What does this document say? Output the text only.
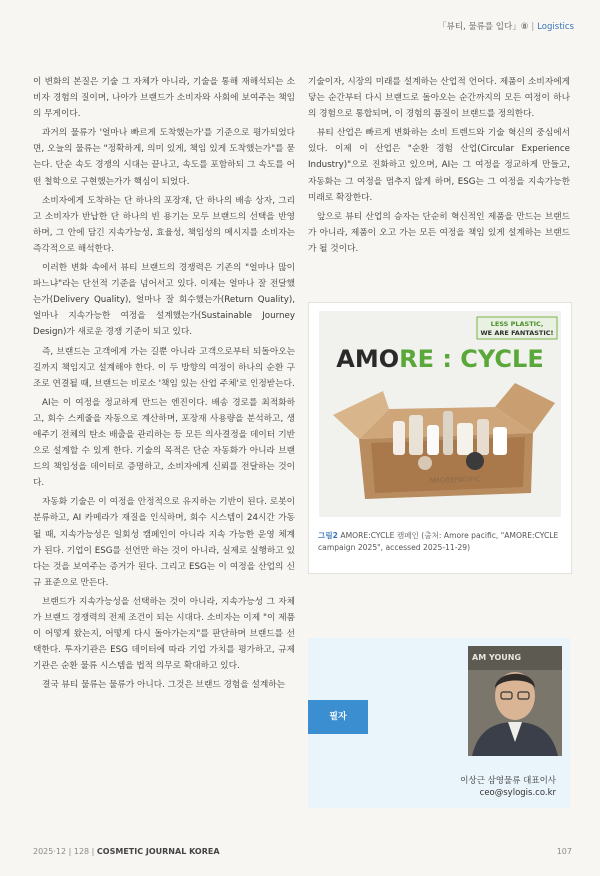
「뷰티, 물류를 입다」⑧ | Logistics

이 변화의 본질은 기술 그 자체가 아니라, 기술을 통해 재해석되는 소비자 경험의 질이며, 나아가 브랜드가 소비자와 사회에 보여주는 책임의 무게이다.

과거의 물류가 '얼마나 빠르게 도착했는가'를 기준으로 평가되었다면, 오늘의 물류는 "정확하게, 의미 있게, 책임 있게 도착했는가"를 묻는다. 단순 속도 경쟁의 시대는 끝나고, 속도를 포함하되 그 속도를 어떤 철학으로 구현했는가가 핵심이 되었다.

소비자에게 도착하는 단 하나의 포장재, 단 하나의 배송 상자, 그리고 소비자가 반납한 단 하나의 빈 용기는 모두 브랜드의 선택을 반영하며, 그 안에 담긴 지속가능성, 효율성, 책임성의 메시지를 소비자는 즉각적으로 해석한다.

이러한 변화 속에서 뷰티 브랜드의 경쟁력은 기존의 "얼마나 많이 파느냐"라는 단선적 기준을 넘어서고 있다. 이제는 얼마나 잘 전달했는가(Delivery Quality), 얼마나 잘 회수했는가(Return Quality), 얼마나 지속가능한 여정을 설계했는가(Sustainable Journey Design)가 새로운 경쟁 기준이 되고 있다.

즉, 브랜드는 고객에게 가는 길뿐 아니라 고객으로부터 되돌아오는 길까지 책임지고 설계해야 한다. 이 두 방향의 여정이 하나의 순환 구조로 연결될 때, 브랜드는 비로소 '책임 있는 산업 주체'로 인정받는다.

AI는 이 여정을 정교하게 만드는 엔진이다. 배송 경로를 최적화하고, 회수 스케줄을 자동으로 계산하며, 포장재 사용량을 분석하고, 생애주기 전체의 탄소 배출을 관리하는 등 모든 의사결정을 데이터 기반으로 설계할 수 있게 한다. 기술의 목적은 단순 자동화가 아니라 브랜드의 책임성을 데이터로 증명하고, 소비자에게 신뢰를 전달하는 것이다.

자동화 기술은 이 여정을 안정적으로 유지하는 기반이 된다. 로봇이 분류하고, AI 카메라가 재질을 인식하며, 회수 시스템이 24시간 가동될 때, 지속가능성은 일회성 캠페인이 아니라 지속 가능한 운영 체계가 된다. 기업이 ESG를 선언만 하는 것이 아니라, 실제로 실행하고 있다는 것을 보여주는 증거가 된다. 그리고 ESG는 이 여정을 산업의 신규 표준으로 만든다.

브랜드가 지속가능성을 선택하는 것이 아니라, 지속가능성 그 자체가 브랜드 경쟁력의 전제 조건이 되는 시대다. 소비자는 이제 "이 제품이 어떻게 왔는지, 어떻게 다시 돌아가는지"를 판단하며 브랜드를 선택한다. 투자기관은 ESG 데이터에 따라 기업 가치를 평가하고, 규제기관은 순환 물류 시스템을 법적 의무로 확대하고 있다.

결국 뷰티 물류는 물류가 아니다. 그것은 브랜드 경험을 설계하는

기술이자, 시장의 미래를 설계하는 산업적 언어다. 제품이 소비자에게 닿는 순간부터 다시 브랜드로 돌아오는 순간까지의 모든 여정이 하나의 경험으로 통합되며, 이 경험의 품질이 브랜드를 정의한다.

뷰티 산업은 빠르게 변화하는 소비 트렌드와 기술 혁신의 중심에서 있다. 이제 이 산업은 "순환 경험 산업(Circular Experience Industry)"으로 진화하고 있으며, AI는 그 여정을 정교하게 만들고, 자동화는 그 여정을 멈추지 않게 하며, ESG는 그 여정을 지속가능한 미래로 확장한다.

앞으로 뷰티 산업의 승자는 단순히 혁신적인 제품을 만드는 브랜드가 아니라, 제품이 오고 가는 모든 여정을 책임 있게 설계하는 브랜드가 될 것이다.

LESS PLASTIC,
WE ARE FANTASTIC!
AMORE : CYCLE
AMOREPACIFIC
그림2 AMORE:CYCLE 캠페인 (출처: Amore pacific, "AMORE:CYCLE campaign 2025", accessed 2025-11-29)
필자
AM YOUNG
이상근 삼영물류 대표이사
ceo@sylogis.co.kr
2025·12 | 128 | COSMETIC JOURNAL KOREA	107
